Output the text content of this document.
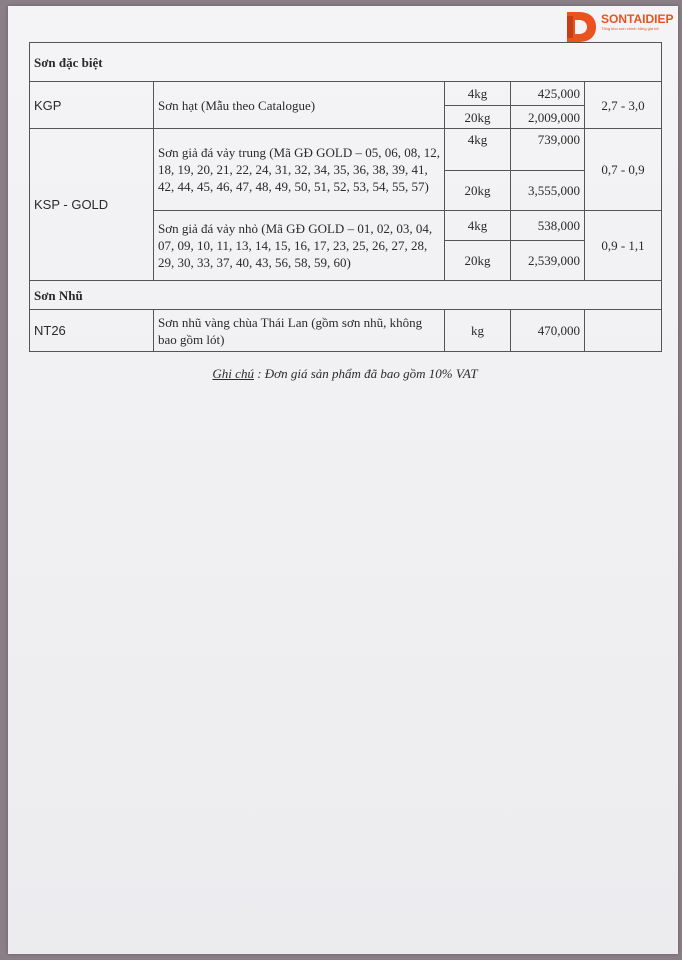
SONTAIDIEP
Tổng kho sơn chính hãng giá tốt
Sơn đặc biệt				
KGP	Sơn hạt (Mẫu theo Catalogue)	4kg	425,000	2,7 - 3,0
		20kg	2,009,000	
KSP - GOLD	Sơn giả đá vảy trung (Mã GĐ GOLD – 05, 06, 08, 12, 18, 19, 20, 21, 22, 24, 31, 32, 34, 35, 36, 38, 39, 41, 42, 44, 45, 46, 47, 48, 49, 50, 51, 52, 53, 54, 55, 57)	4kg	739,000	0,7 - 0,9
		20kg	3,555,000	
	Sơn giả đá vảy nhỏ (Mã GĐ GOLD – 01, 02, 03, 04, 07, 09, 10, 11, 13, 14, 15, 16, 17, 23, 25, 26, 27, 28, 29, 30, 33, 37, 40, 43, 56, 58, 59, 60)	4kg	538,000	0,9 - 1,1
		20kg	2,539,000	
Sơn Nhũ				
NT26	Sơn nhũ vàng chùa Thái Lan (gồm sơn nhũ, không bao gồm lót)	kg	470,000	
Ghi chú : Đơn giá sản phẩm đã bao gồm 10% VAT
